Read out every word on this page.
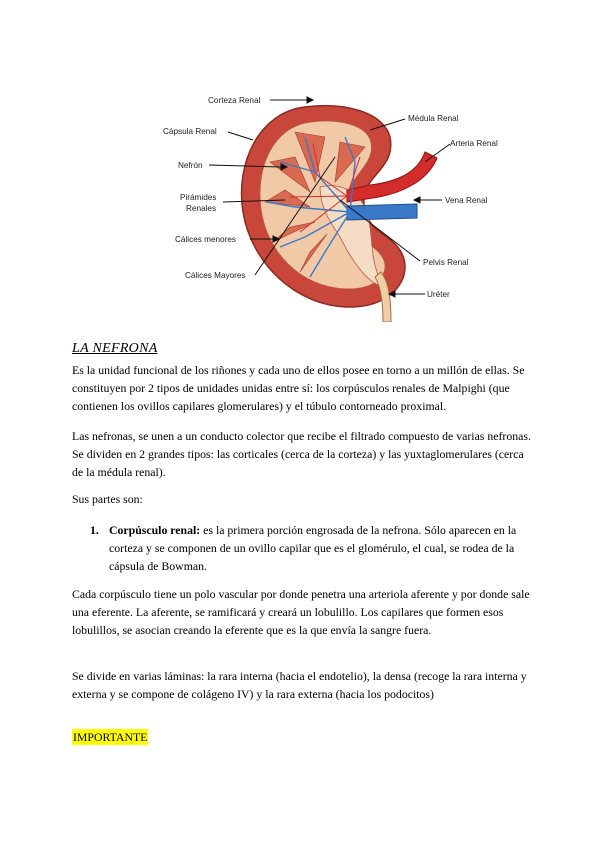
Corteza Renal
Cápsula Renal
Nefrón
Pirámides
Renales
Cálices menores
Cálices Mayores
Médula Renal
Arteria Renal
Vena Renal
Pelvis Renal
Uréter
LA NEFRONA

Es la unidad funcional de los riñones y cada uno de ellos posee en torno a un millón de ellas. Se constituyen por 2 tipos de unidades unidas entre sí: los corpúsculos renales de Malpighi (que contienen los ovillos capilares glomerulares) y el túbulo contorneado proximal.

Las nefronas, se unen a un conducto colector que recibe el filtrado compuesto de varias nefronas. Se dividen en 2 grandes tipos: las corticales (cerca de la corteza) y las yuxtaglomerulares (cerca de la médula renal).

Sus partes son:

1. Corpúsculo renal: es la primera porción engrosada de la nefrona. Sólo aparecen en la corteza y se componen de un ovillo capilar que es el glomérulo, el cual, se rodea de la cápsula de Bowman.

Cada corpúsculo tiene un polo vascular por donde penetra una arteriola aferente y por donde sale una eferente. La aferente, se ramificará y creará un lobulillo. Los capilares que formen esos lobulillos, se asocian creando la eferente que es la que envía la sangre fuera.

Se divide en varias láminas: la rara interna (hacia el endotelio), la densa (recoge la rara interna y externa y se compone de colágeno IV) y la rara externa (hacia los podocitos)

IMPORTANTE
